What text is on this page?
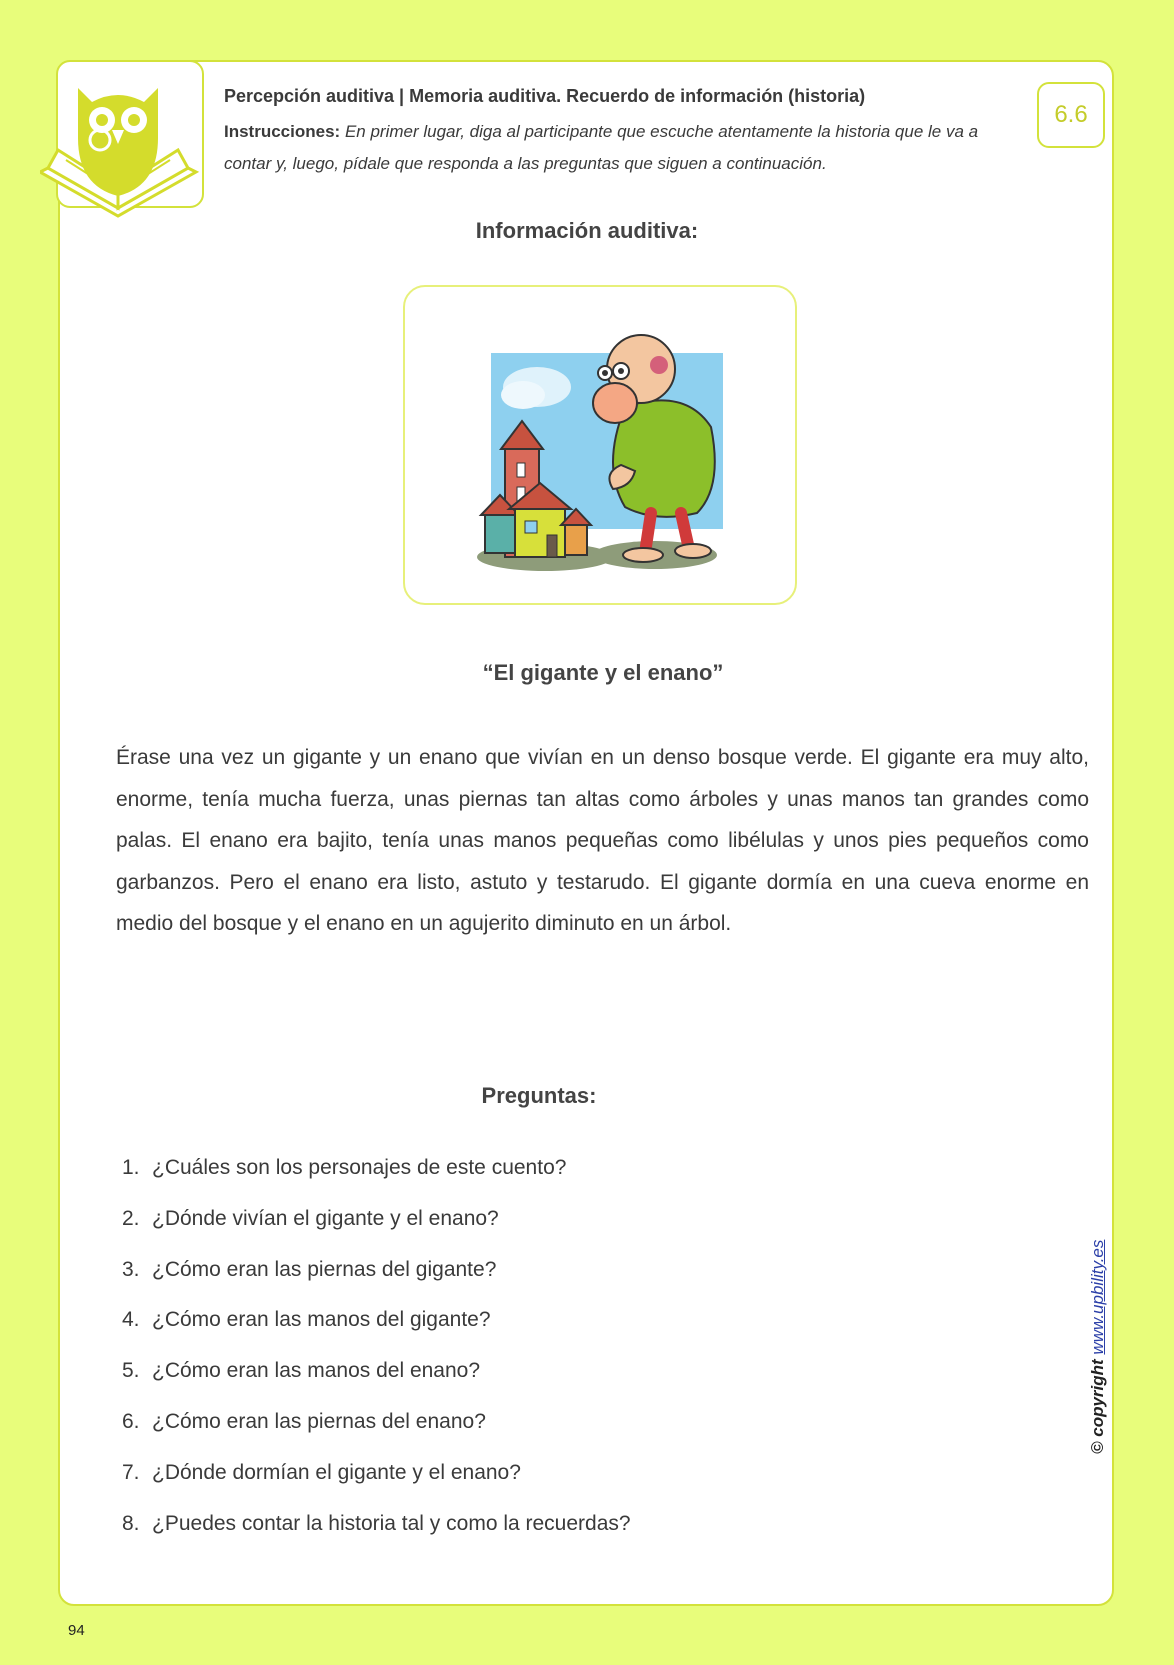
Percepción auditiva | Memoria auditiva. Recuerdo de información (historia)
Instrucciones: En primer lugar, diga al participante que escuche atentamente la historia que le va a contar y, luego, pídale que responda a las preguntas que siguen a continuación.
6.6
Información auditiva:
“El gigante y el enano”
Érase una vez un gigante y un enano que vivían en un denso bosque verde. El gigante era muy alto, enorme, tenía mucha fuerza, unas piernas tan altas como árboles y unas manos tan grandes como palas. El enano era bajito, tenía unas manos pequeñas como libélulas y unos pies pequeños como garbanzos. Pero el enano era listo, astuto y testarudo. El gigante dormía en una cueva enorme en medio del bosque y el enano en un agujerito diminuto en un árbol.
Preguntas:
1. ¿Cuáles son los personajes de este cuento?
2. ¿Dónde vivían el gigante y el enano?
3. ¿Cómo eran las piernas del gigante?
4. ¿Cómo eran las manos del gigante?
5. ¿Cómo eran las manos del enano?
6. ¿Cómo eran las piernas del enano?
7. ¿Dónde dormían el gigante y el enano?
8. ¿Puedes contar la historia tal y como la recuerdas?
© copyright www.upbility.es
94
